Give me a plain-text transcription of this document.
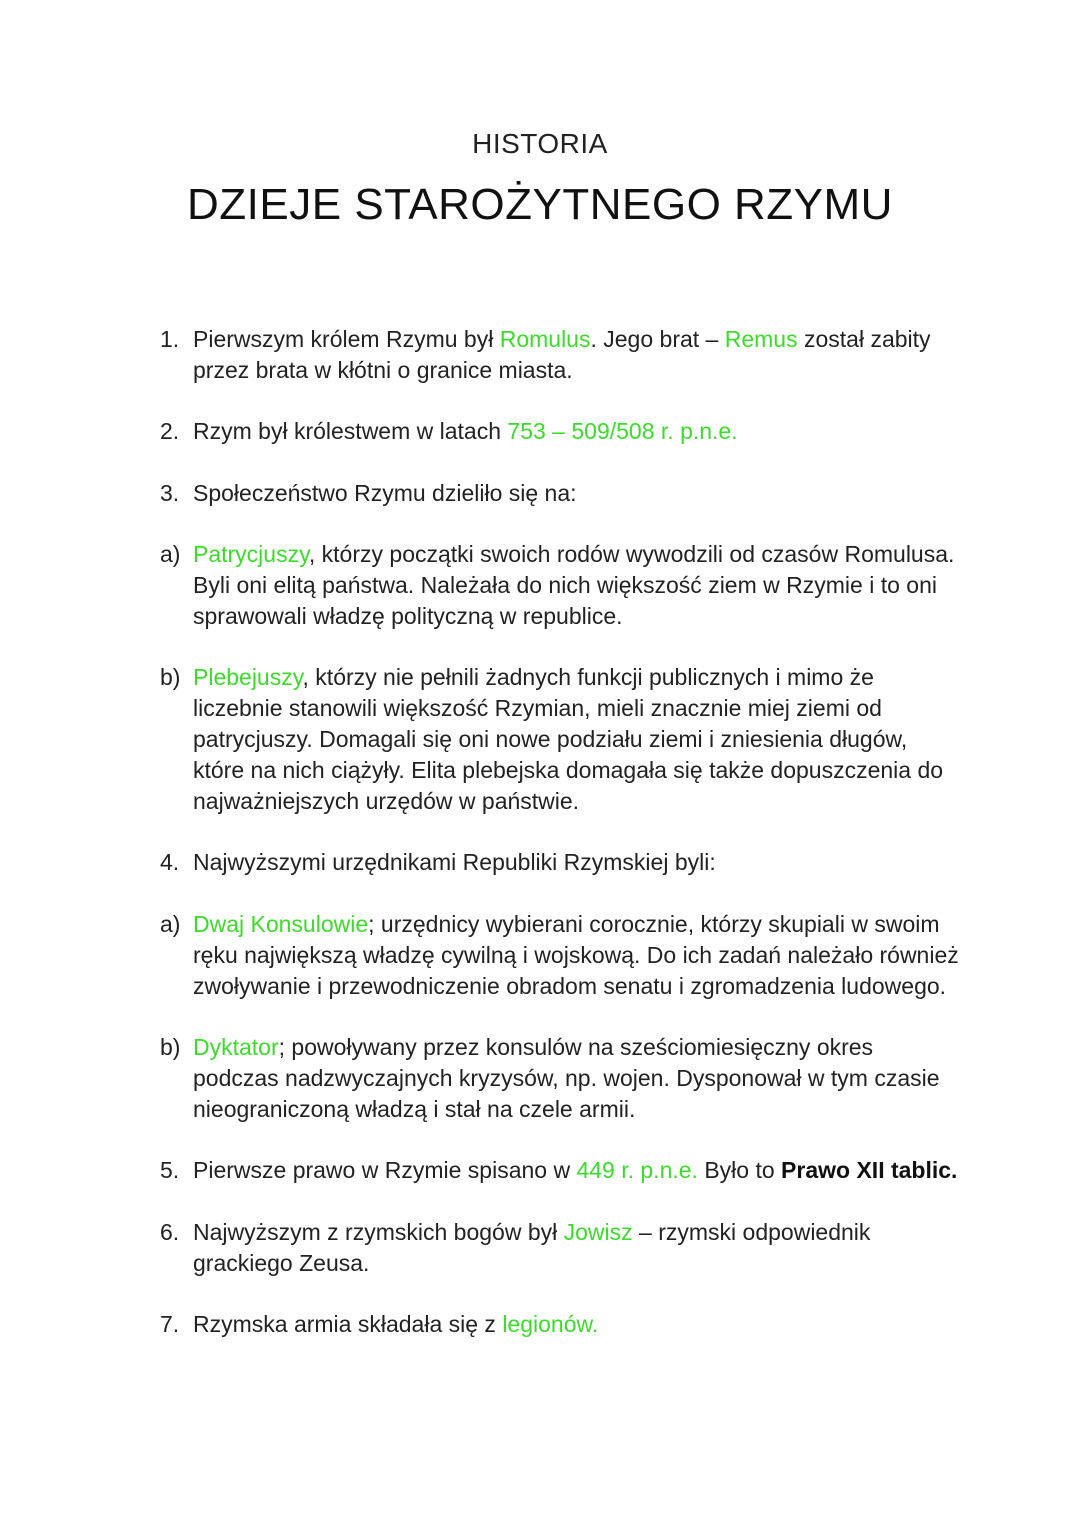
HISTORIA
DZIEJE STAROŻYTNEGO RZYMU
1. Pierwszym królem Rzymu był Romulus. Jego brat – Remus został zabity przez brata w kłótni o granice miasta.
2. Rzym był królestwem w latach 753 – 509/508 r. p.n.e.
3. Społeczeństwo Rzymu dzieliło się na:
a) Patrycjuszy, którzy początki swoich rodów wywodzili od czasów Romulusa. Byli oni elitą państwa. Należała do nich większość ziem w Rzymie i to oni sprawowali władzę polityczną w republice.
b) Plebejuszy, którzy nie pełnili żadnych funkcji publicznych i mimo że liczebnie stanowili większość Rzymian, mieli znacznie miej ziemi od patrycjuszy. Domagali się oni nowe podziału ziemi i zniesienia długów, które na nich ciążyły. Elita plebejska domagała się także dopuszczenia do najważniejszych urzędów w państwie.
4. Najwyższymi urzędnikami Republiki Rzymskiej byli:
a) Dwaj Konsulowie; urzędnicy wybierani corocznie, którzy skupiali w swoim ręku największą władzę cywilną i wojskową. Do ich zadań należało również zwoływanie i przewodniczenie obradom senatu i zgromadzenia ludowego.
b) Dyktator; powoływany przez konsulów na sześciomiesięczny okres podczas nadzwyczajnych kryzysów, np. wojen. Dysponował w tym czasie nieograniczoną władzą i stał na czele armii.
5. Pierwsze prawo w Rzymie spisano w 449 r. p.n.e. Było to Prawo XII tablic.
6. Najwyższym z rzymskich bogów był Jowisz – rzymski odpowiednik grackiego Zeusa.
7. Rzymska armia składała się z legionów.
